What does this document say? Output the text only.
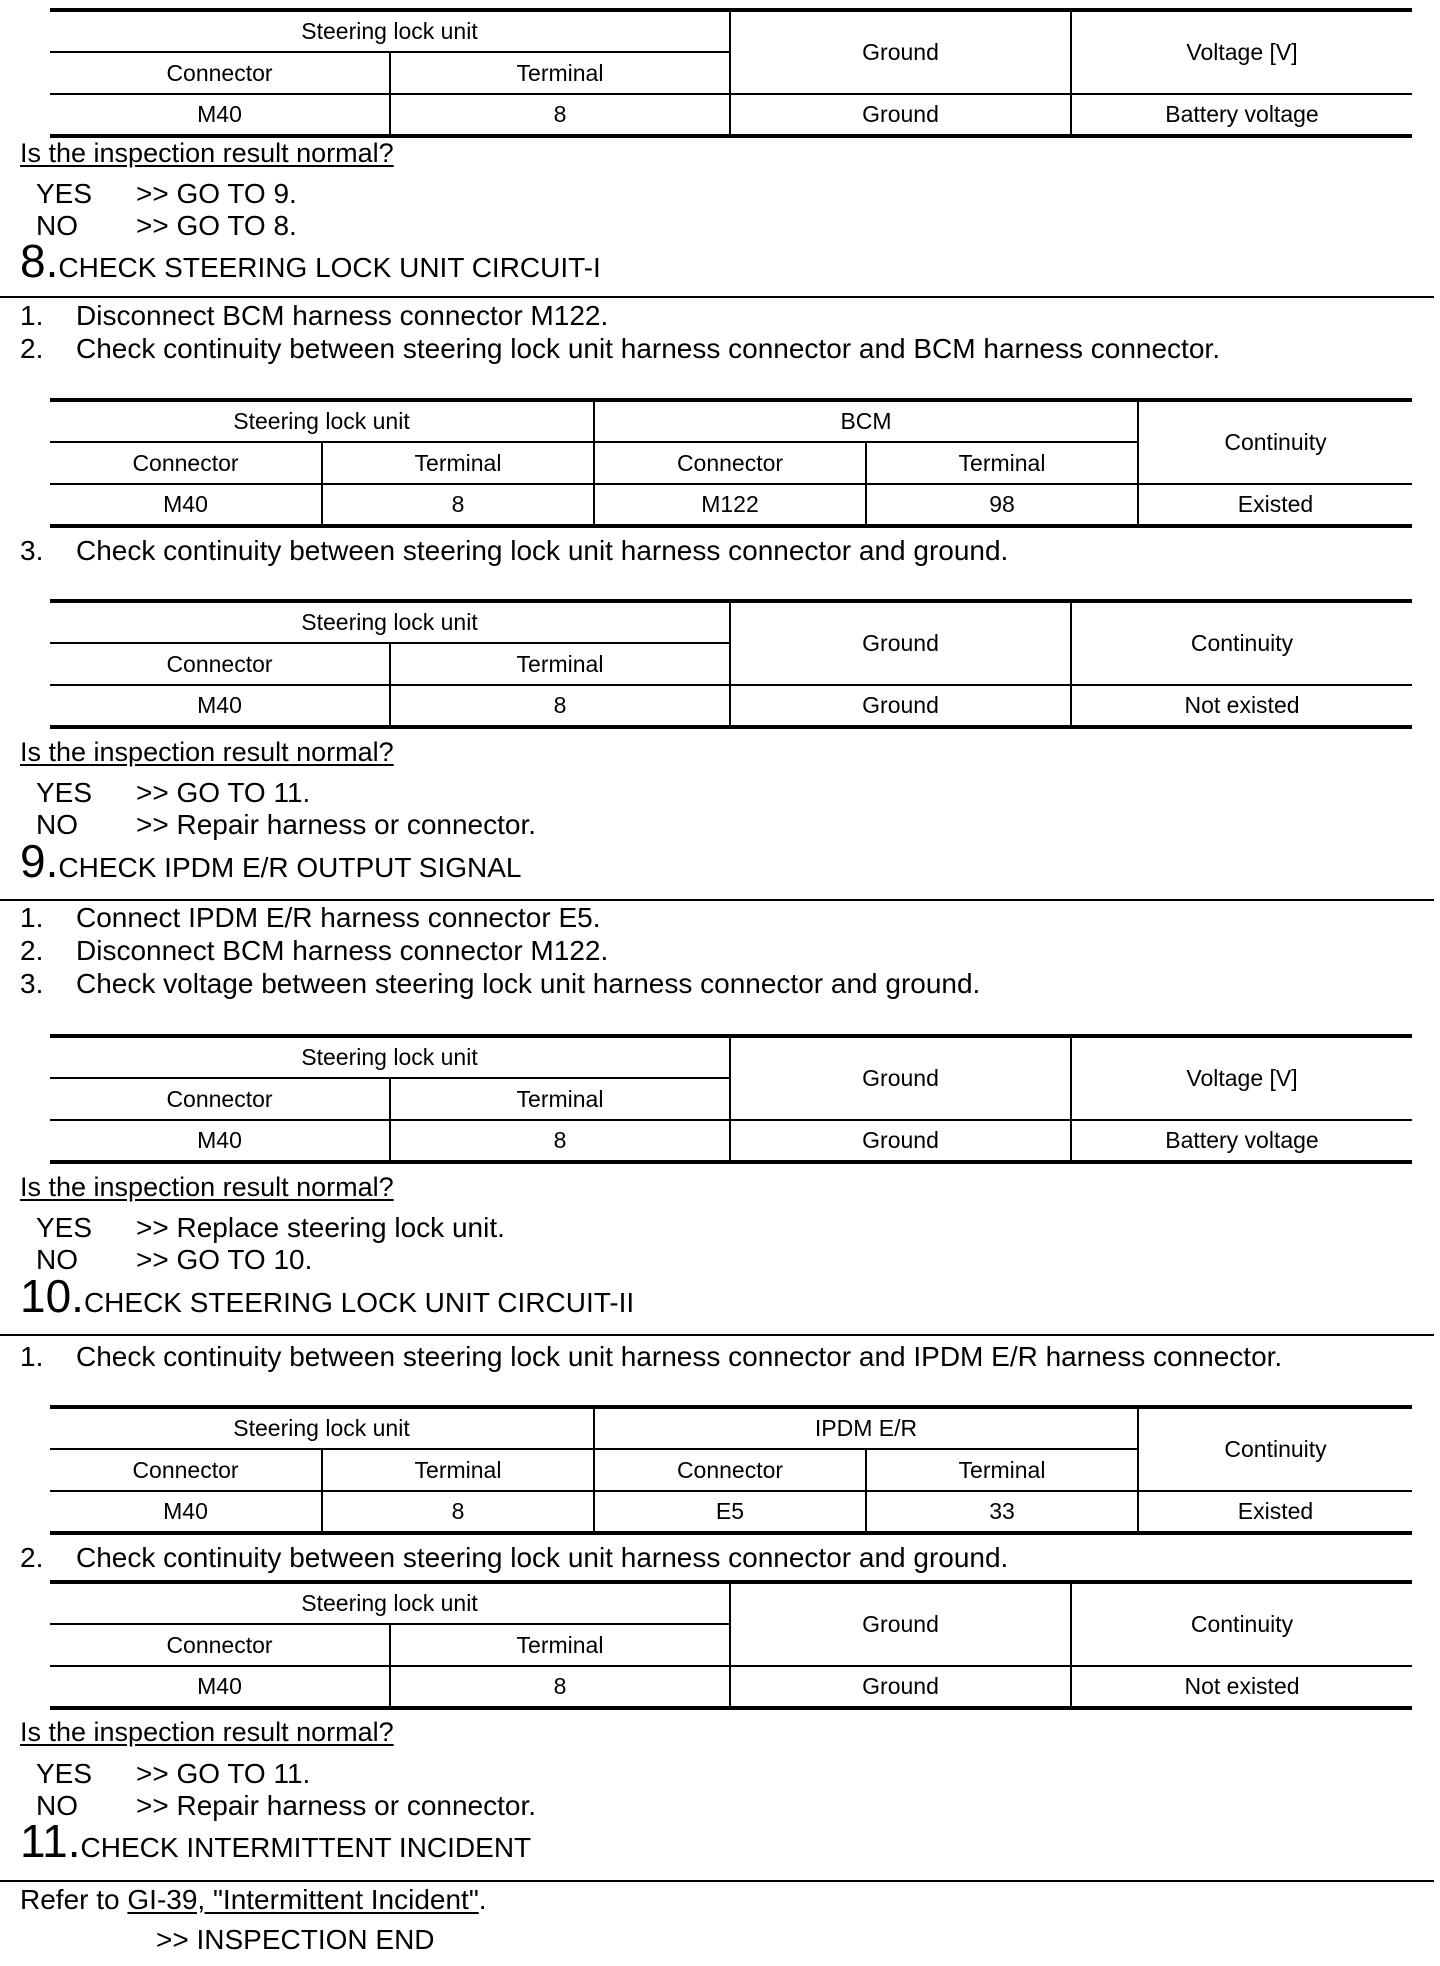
Steering lock unit		Ground	Voltage [V]
Connector	Terminal		
M40	8	Ground	Battery voltage
Is the inspection result normal?
YES >> GO TO 9.
NO >> GO TO 8.
8.CHECK STEERING LOCK UNIT CIRCUIT-I
1. Disconnect BCM harness connector M122.
2. Check continuity between steering lock unit harness connector and BCM harness connector.
Steering lock unit		BCM		Continuity
Connector	Terminal	Connector	Terminal	
M40	8	M122	98	Existed
3. Check continuity between steering lock unit harness connector and ground.
Steering lock unit		Ground	Continuity
Connector	Terminal		
M40	8	Ground	Not existed
Is the inspection result normal?
YES >> GO TO 11.
NO >> Repair harness or connector.
9.CHECK IPDM E/R OUTPUT SIGNAL
1. Connect IPDM E/R harness connector E5.
2. Disconnect BCM harness connector M122.
3. Check voltage between steering lock unit harness connector and ground.
Steering lock unit		Ground	Voltage [V]
Connector	Terminal		
M40	8	Ground	Battery voltage
Is the inspection result normal?
YES >> Replace steering lock unit.
NO >> GO TO 10.
10.CHECK STEERING LOCK UNIT CIRCUIT-II
1. Check continuity between steering lock unit harness connector and IPDM E/R harness connector.
Steering lock unit		IPDM E/R		Continuity
Connector	Terminal	Connector	Terminal	
M40	8	E5	33	Existed
2. Check continuity between steering lock unit harness connector and ground.
Steering lock unit		Ground	Continuity
Connector	Terminal		
M40	8	Ground	Not existed
Is the inspection result normal?
YES >> GO TO 11.
NO >> Repair harness or connector.
11.CHECK INTERMITTENT INCIDENT
Refer to GI-39, "Intermittent Incident".
>> INSPECTION END
